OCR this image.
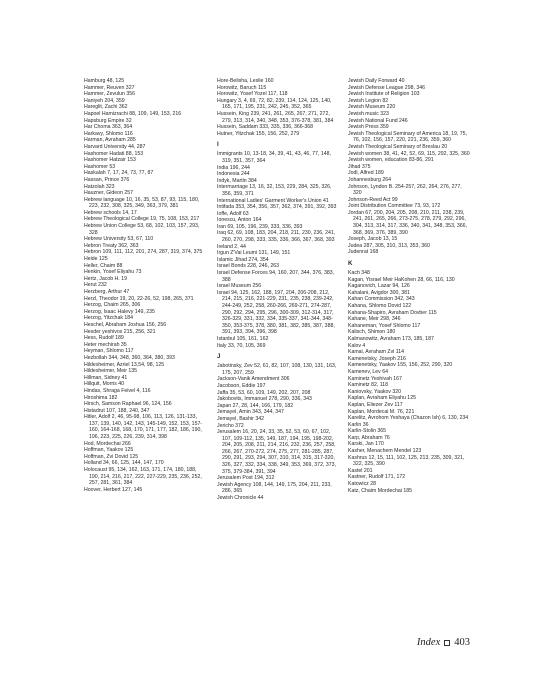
Hamburg 48, 125
Hammer, Reuven 327
Hammer, Zevulun 356
Haniyeh 204, 359
Hareglit, Zachi 362
Hapoel Hamizrachi 88, 109, 149, 153, 216
Hapsburg Empire 32
Har Choma 363, 364
Harkavy, Shlomo 116
Harman, Avraham 285
Harvard University 44, 287
Hashomer Hadati 88, 153
Hashomer Hatzair 153
Hashomer 53
Haskalah 7, 17, 24, 73, 77, 87
Hassan, Prince 376
Hatzolah 323
Hauzner, Gideon 257
Hebrew language 10, 16, 35, 53, 87, 93, 115, 180, 223, 232, 308, 325, 349, 363, 379, 381
Hebrew schools 14, 17
Hebrew Theological College 19, 75, 108, 153, 217
Hebrew Union College 53, 68, 102, 103, 157, 293, 328
Hebrew University 53, 67, 110
Hebron Treaty 362, 363
Hebron 109, 111, 112, 201, 274, 287, 319, 374, 375
Heide 125
Heller, Chaim 88
Henkin, Yosef Eliyahu 73
Hertz, Jacob H. 19
Herut 232
Herzberg, Arthur 47
Herzl, Theodor 19, 20, 22-26, 52, 198, 265, 371
Herzog, Chaim 265, 306
Herzog, Isaac Halevy 149, 235
Herzog, Yitzchak 184
Heschel, Abraham Joshua 156, 256
Hesder yeshivos 215, 256, 321
Hess, Rudolf 189
Heter mechirah 35
Heyman, Shlomo 117
Hezbollah 344, 348, 360, 364, 380, 393
Hildesheimer, Azriel 13,54, 98, 125
Hildesheimer, Meir 135
Hillman, Sidney 41
Hillquit, Morris 40
Hindas, Shraga Feivel 4, 116
Hiroshima 182
Hirsch, Samson Raphael 96, 124, 156
Histadrut 107, 188, 240, 347
Hitler, Adolf 2, 46, 95-98, 106, 113, 126, 131-133, 137, 139, 140, 142, 143, 145-149, 152, 153, 157-160, 164-168, 168, 170, 171, 177, 182, 186, 190, 196, 223, 225, 226, 239, 314, 398
Hod, Mordechai 266
Hoffman, Yaakov 125
Hoffman, Zvi Dovid 125
Holland 34, 66, 125, 144, 147, 170
Holocaust 95, 134, 162, 163, 171, 174, 180, 188, 190, 214, 216, 217, 222, 227-229, 235, 236, 252, 257, 281, 361, 384
Hoover, Herbert 127, 145
Hore-Belisha, Leslie 160
Horowitz, Baruch 115
Horowitz, Yosef Yozel 117, 118
Hungary 3, 4, 69, 72, 82, 239, 114, 124, 125, 140, 165, 171, 195, 231, 242, 245, 352, 365
Hussein, King 239, 241, 261, 265, 267, 271, 272, 279, 313, 314, 340, 348, 353, 376-378, 381, 384
Hussein, Saddam 333, 335, 336, 366-368
Hutner, Yitzchak 155, 156, 252, 279
I
Immigrants 10, 13-18, 34, 39, 41, 43, 46, 77, 148, 319, 351, 357, 364
India 196, 244
Indonesia 244
Indyk, Martin 384
Intermarriage 13, 16, 32, 153, 229, 284, 325, 326, 356, 359, 371
International Ladies' Garment Worker's Union 41
Intifada 353, 354, 356, 357, 362, 374, 391, 392, 393
Ioffe, Adolf 63
Ionescu, Anton 164
Iran 69, 105, 196, 239, 333, 336, 393
Iraq 62, 69, 108, 183, 204, 218, 211, 230, 236, 241, 260, 270, 298, 333, 335, 336, 366, 367, 368, 393
Ireland 2, 44
Irgun Z'Vai Leumi 131, 149, 151
Islamic Jihad 274, 354
Israel Bonds 228, 246, 263
Israel Defense Forces 94, 160, 207, 344, 376, 383, 388
Israel Museum 256
Israel 94, 125, 162, 188, 197, 204, 206-208, 212, 214, 215, 216, 221-229, 231, 235, 238, 239-242, 244-249, 252, 258, 260-266, 269-271, 274-287, 290, 292, 294, 295, 296, 300-309, 312-314, 317, 326-329, 331, 332, 334, 335-337, 341-344, 348-350, 353-375, 378, 380, 381, 382, 385, 387, 388, 391, 393, 394, 396, 398
Istanbul 105, 161, 162
Italy 33, 70, 105, 369
J
Jabotinsky, Zev 52, 61, 82, 107, 108, 130, 131, 163, 175, 207, 259
Jackson-Vanik Amendment 306
Jacobson, Eddie 197
Jaffa 35, 53, 60, 109, 149, 202, 207, 208
Jakobovits, Immanuel 278, 290, 336, 343
Japan 27, 28, 144, 166, 179, 182
Jemayel, Amin 343, 344, 347
Jemayel, Bashir 342
Jericho 372
Jerusalem 16, 20, 24, 33, 35, 52, 53, 60, 67, 102, 107, 109-112, 135, 149, 187, 194, 195, 198-202, 204, 205, 208, 211, 214, 216, 232, 236, 257, 258, 266, 267, 270-272, 274, 275, 277, 281-285, 287, 290, 291, 293, 294, 307, 310, 314, 315, 317-320, 326, 327, 332, 334, 338, 349, 353, 369, 372, 373, 375, 379-384, 391, 394
Jerusalem Post 194, 312
Jewish Agency 108, 144, 149, 175, 204, 211, 233, 286, 365
Jewish Chronicle 44
Jewish Daily Forward 40
Jewish Defense League 298, 346
Jewish Institute of Religion 103
Jewish Legion 82
Jewish Museum 220
Jewish music 323
Jewish National Fund 246
Jewish Press 359
Jewish Theological Seminary of America 18, 19, 75, 76, 102, 156, 157, 220, 221, 236, 359, 360
Jewish Theological Seminary of Breslau 20
Jewish women 38, 41, 42, 52, 69, 115, 292, 325, 360
Jewish women, education 83-86, 291
Jihad 375
Jodl, Alfred 189
Johannesburg 264
Johnson, Lyndon B. 254-257, 262, 264, 276, 277, 320
Johnson-Reed Act 99
Joint Distribution Committee 73, 93, 172
Jordan 67, 200, 204, 205, 208, 210, 211, 238, 239, 241, 261, 265, 266, 273-275, 278, 279, 292, 296, 304, 313, 314, 317, 336, 340, 341, 348, 353, 366, 368, 369, 376, 389, 390
Joseph, Jacob 13, 15
Judea 287, 305, 310, 313, 353, 360
Judenrat 168
K
Kach 348
Kagan, Yisrael Meir HaKohen 28, 66, 116, 130
Kaganovich, Lazar 94, 126
Kahalani, Avigdor 300, 381
Kahan Commission 342, 343
Kahana, Shlomo Dovid 122
Kahana-Shapiro, Avraham Dovber 115
Kahane, Meir 298, 346
Kahaneman, Yosef Shlomo 117
Kalisch, Shimon 180
Kalmanowitz, Avraham 173, 185, 187
Kalov 4
Kamai, Avraham Zvi 114
Kamenetsky, Joseph 216
Kamenetsky, Yaakov 155, 156, 252, 290, 320
Kamenev, Lev 64
Kaminetz Yeshivah 167
Kaminetz 82, 118
Kaniovsky, Yaakov 320
Kaplan, Avraham Eliyahu 125
Kaplan, Eliezer Zev 117
Kaplan, Mordecai M. 76, 221
Karelitz, Avrohom Yeshaya (Chazon Ish) 6, 130, 234
Karlin 36
Karlin-Stolin 365
Karp, Abraham 76
Karski, Jan 170
Kasher, Menachem Mendel 123
Kashrus 12, 15, 111, 102, 125, 213, 235, 309, 321, 322, 325, 390
Kastel 201
Kastner, Rudolf 171, 172
Katowicz 28
Katz, Chaim Mordechai 185
Index 403
